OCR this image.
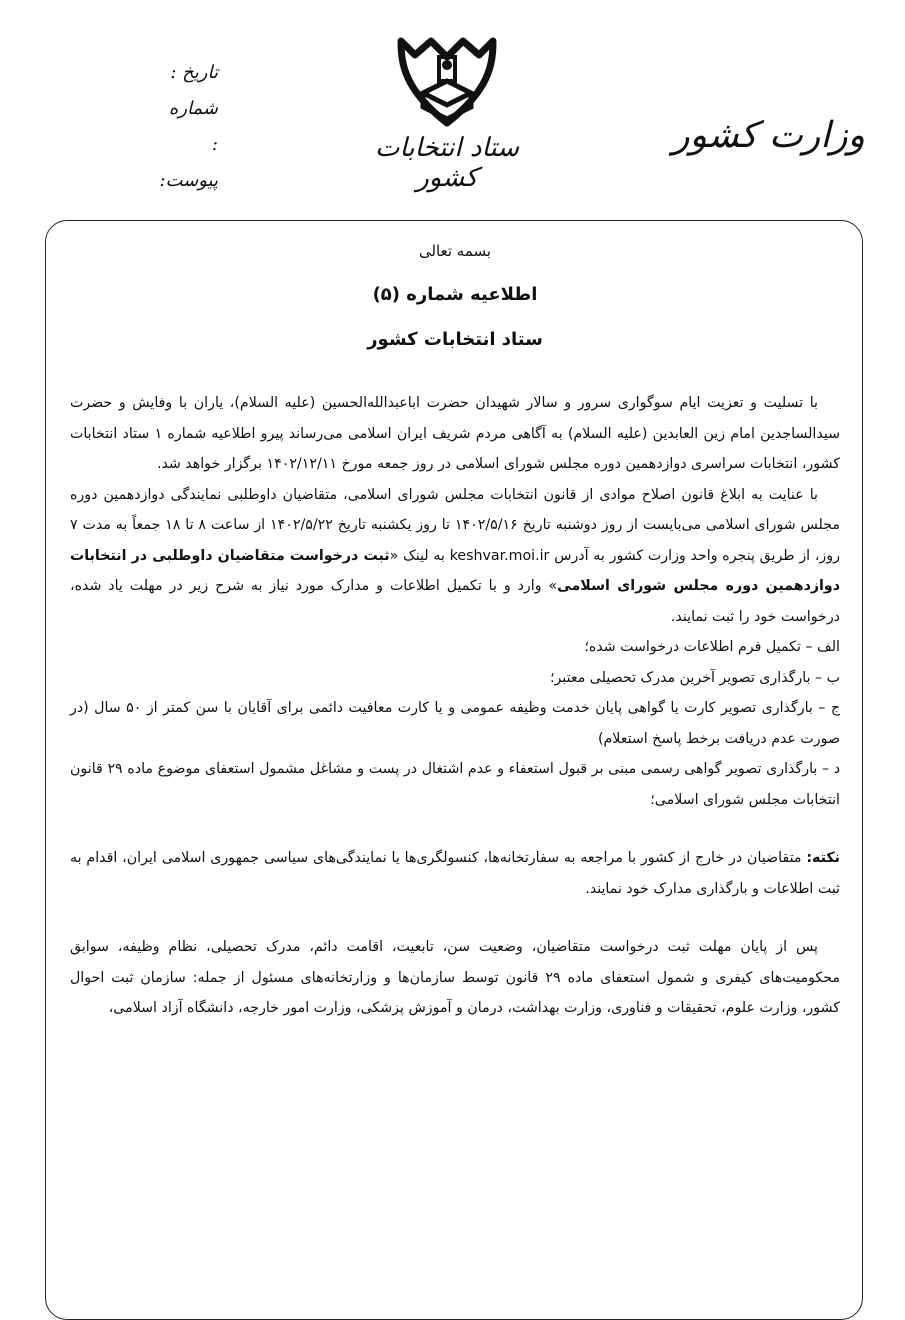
وزارت کشور
ستاد انتخابات کشور
تاریخ :
شماره :
پیوست:
بسمه تعالی
اطلاعیه شماره (۵)
ستاد انتخابات کشور

با تسلیت و تعزیت ایام سوگواری سرور و سالار شهیدان حضرت اباعبدالله‌الحسین (علیه السلام)، یاران با وفایش و حضرت سیدالساجدین امام زین العابدین (علیه السلام) به آگاهی مردم شریف ایران اسلامی می‌رساند پیرو اطلاعیه شماره ۱ ستاد انتخابات کشور، انتخابات سراسری دوازدهمین دوره مجلس شورای اسلامی در روز جمعه مورخ ۱۴۰۲/۱۲/۱۱ برگزار خواهد شد.

با عنایت به ابلاغ قانون اصلاح موادی از قانون انتخابات مجلس شورای اسلامی، متقاضیان داوطلبی نمایندگی دوازدهمین دوره مجلس شورای اسلامی می‌بایست از روز دوشنبه تاریخ ۱۴۰۲/۵/۱۶ تا روز یکشنبه تاریخ ۱۴۰۲/۵/۲۲ از ساعت ۸ تا ۱۸ جمعاً به مدت ۷ روز، از طریق پنجره واحد وزارت کشور به آدرس keshvar.moi.ir به لینک «ثبت درخواست متقاضیان داوطلبی در انتخابات دوازدهمین دوره مجلس شورای اسلامی» وارد و با تکمیل اطلاعات و مدارک مورد نیاز به شرح زیر در مهلت یاد شده، درخواست خود را ثبت نمایند.

الف – تکمیل فرم اطلاعات درخواست شده؛

ب – بارگذاری تصویر آخرین مدرک تحصیلی معتبر؛

ج – بارگذاری تصویر کارت یا گواهی پایان خدمت وظیفه عمومی و یا کارت معافیت دائمی برای آقایان با سن کمتر از ۵۰ سال (در صورت عدم دریافت برخط پاسخ استعلام)

د – بارگذاری تصویر گواهی رسمی مبنی بر قبول استعفاء و عدم اشتغال در پست و مشاغل مشمول استعفای موضوع ماده ۲۹ قانون انتخابات مجلس شورای اسلامی؛

نکته: متقاضیان در خارج از کشور با مراجعه به سفارتخانه‌ها، کنسولگری‌ها یا نمایندگی‌های سیاسی جمهوری اسلامی ایران، اقدام به ثبت اطلاعات و بارگذاری مدارک خود نمایند.

پس از پایان مهلت ثبت درخواست متقاضیان، وضعیت سن، تابعیت، اقامت دائم، مدرک تحصیلی، نظام وظیفه، سوابق محکومیت‌های کیفری و شمول استعفای ماده ۲۹ قانون توسط سازمان‌ها و وزارتخانه‌های مسئول از جمله: سازمان ثبت احوال کشور، وزارت علوم، تحقیقات و فناوری، وزارت بهداشت، درمان و آموزش پزشکی، وزارت امور خارجه، دانشگاه آزاد اسلامی،
